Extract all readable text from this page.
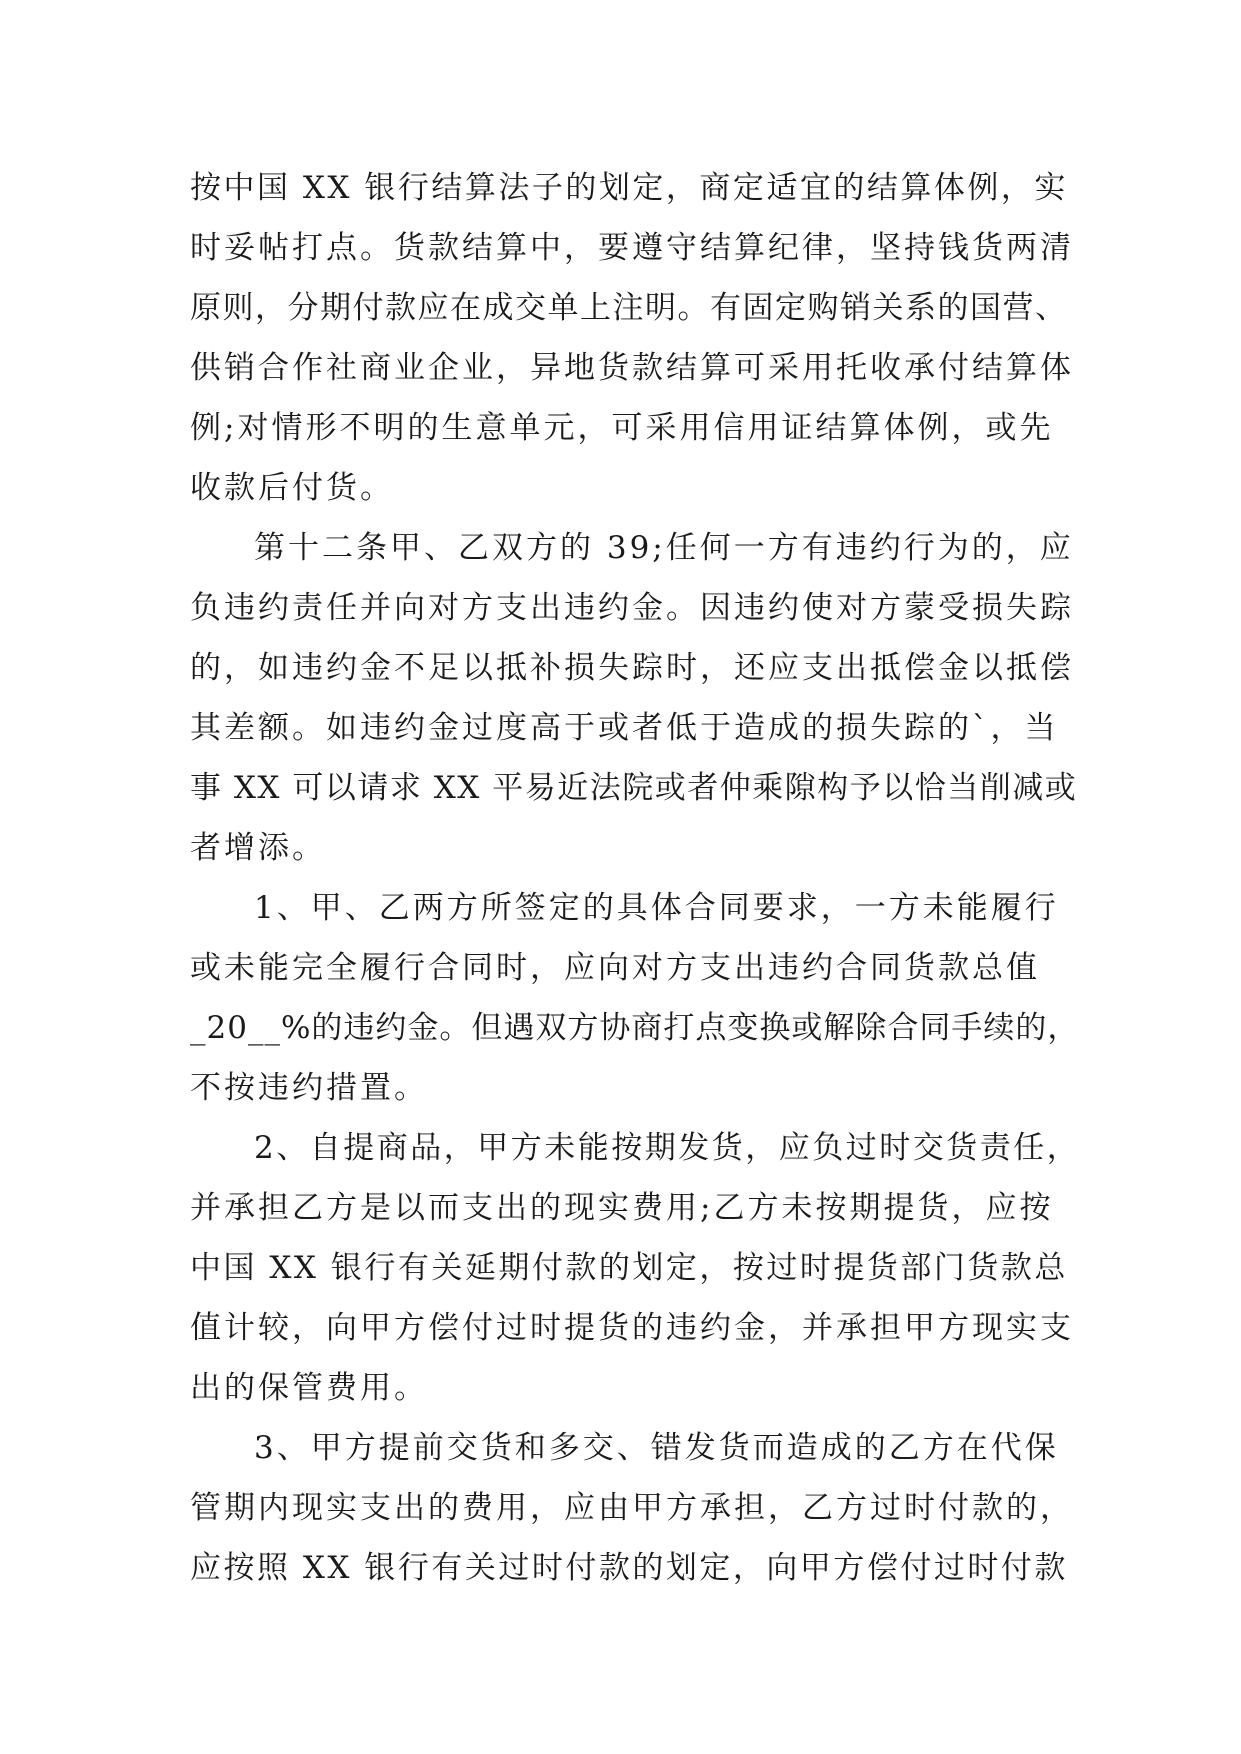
按中国 XX 银行结算法子的划定，商定适宜的结算体例，实
时妥帖打点。货款结算中，要遵守结算纪律，坚持钱货两清
原则，分期付款应在成交单上注明。有固定购销关系的国营、
供销合作社商业企业，异地货款结算可采用托收承付结算体
例;对情形不明的生意单元，可采用信用证结算体例，或先
收款后付货。
第十二条甲、乙双方的 39;任何一方有违约行为的，应
负违约责任并向对方支出违约金。因违约使对方蒙受损失踪
的，如违约金不足以抵补损失踪时，还应支出抵偿金以抵偿
其差额。如违约金过度高于或者低于造成的损失踪的`，当
事 XX 可以请求 XX 平易近法院或者仲乘隙构予以恰当削减或
者增添。
1、甲、乙两方所签定的具体合同要求，一方未能履行
或未能完全履行合同时，应向对方支出违约合同货款总值
_20__%的违约金。但遇双方协商打点变换或解除合同手续的，
不按违约措置。
2、自提商品，甲方未能按期发货，应负过时交货责任，
并承担乙方是以而支出的现实费用;乙方未按期提货，应按
中国 XX 银行有关延期付款的划定，按过时提货部门货款总
值计较，向甲方偿付过时提货的违约金，并承担甲方现实支
出的保管费用。
3、甲方提前交货和多交、错发货而造成的乙方在代保
管期内现实支出的费用，应由甲方承担，乙方过时付款的，
应按照 XX 银行有关过时付款的划定，向甲方偿付过时付款
